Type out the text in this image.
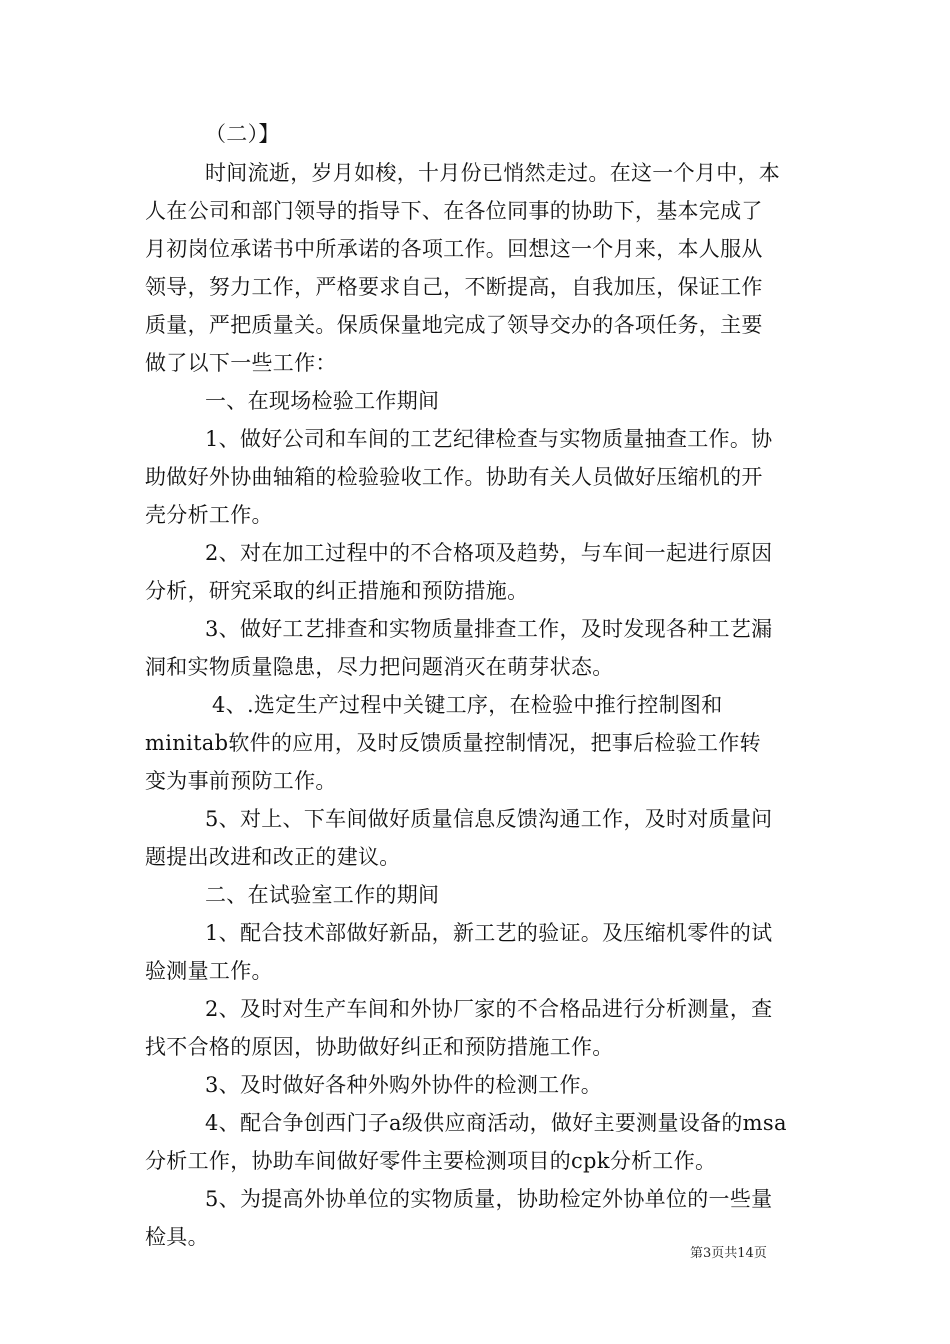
（二）】
时间流逝，岁月如梭，十月份已悄然走过。在这一个月中，本
人在公司和部门领导的指导下、在各位同事的协助下，基本完成了
月初岗位承诺书中所承诺的各项工作。回想这一个月来，本人服从
领导，努力工作，严格要求自己，不断提高，自我加压，保证工作
质量，严把质量关。保质保量地完成了领导交办的各项任务，主要
做了以下一些工作：
一、在现场检验工作期间
1、做好公司和车间的工艺纪律检查与实物质量抽查工作。协
助做好外协曲轴箱的检验验收工作。协助有关人员做好压缩机的开
壳分析工作。
2、对在加工过程中的不合格项及趋势，与车间一起进行原因
分析，研究采取的纠正措施和预防措施。
3、做好工艺排查和实物质量排查工作，及时发现各种工艺漏
洞和实物质量隐患，尽力把问题消灭在萌芽状态。
4、.选定生产过程中关键工序，在检验中推行控制图和
minitab软件的应用，及时反馈质量控制情况，把事后检验工作转
变为事前预防工作。
5、对上、下车间做好质量信息反馈沟通工作，及时对质量问
题提出改进和改正的建议。
二、在试验室工作的期间
1、配合技术部做好新品，新工艺的验证。及压缩机零件的试
验测量工作。
2、及时对生产车间和外协厂家的不合格品进行分析测量，查
找不合格的原因，协助做好纠正和预防措施工作。
3、及时做好各种外购外协件的检测工作。
4、配合争创西门子a级供应商活动，做好主要测量设备的msa
分析工作，协助车间做好零件主要检测项目的cpk分析工作。
5、为提高外协单位的实物质量，协助检定外协单位的一些量
检具。
第3页共14页
